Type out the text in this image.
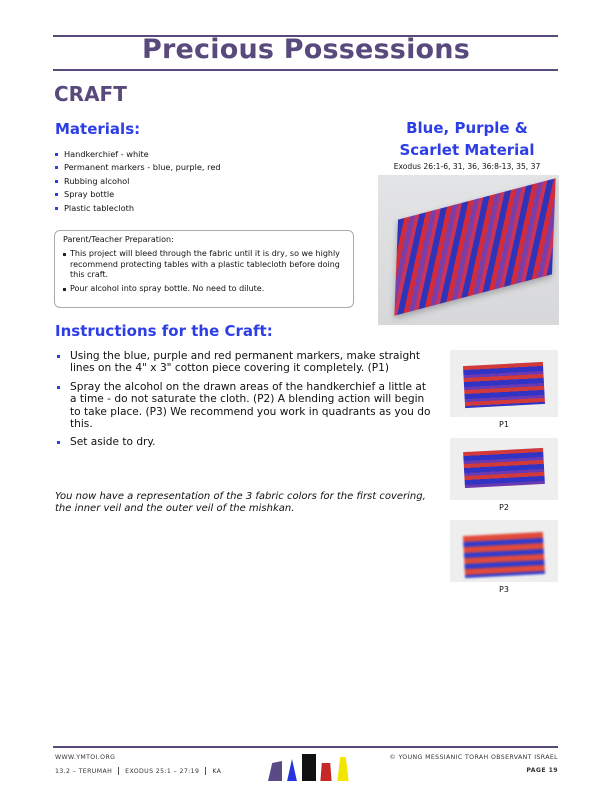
Precious Possessions
CRAFT
Materials:
Handkerchief - white
Permanent markers - blue, purple, red
Rubbing alcohol
Spray bottle
Plastic tablecloth
Parent/Teacher Preparation:
This project will bleed through the fabric until it is dry, so we highly recommend protecting tables with a plastic tablecloth before doing this craft.
Pour alcohol into spray bottle. No need to dilute.
Blue, Purple &
Scarlet Material
Exodus 26:1-6, 31, 36, 36:8-13, 35, 37
Instructions for the Craft:
Using the blue, purple and red permanent markers, make straight lines on the 4" x 3" cotton piece covering it completely. (P1)
Spray the alcohol on the drawn areas of the handkerchief a little at a time - do not saturate the cloth. (P2) A blending action will begin to take place. (P3) We recommend you work in quadrants as you do this.
Set aside to dry.
You now have a representation of the 3 fabric colors for the first covering, the inner veil and the outer veil of the mishkan.
P1
P2
P3
WWW.YMTOI.ORG
13.2 – TERUMAH EXODUS 25:1 – 27:19 KA
© YOUNG MESSIANIC TORAH OBSERVANT ISRAEL
PAGE 19
